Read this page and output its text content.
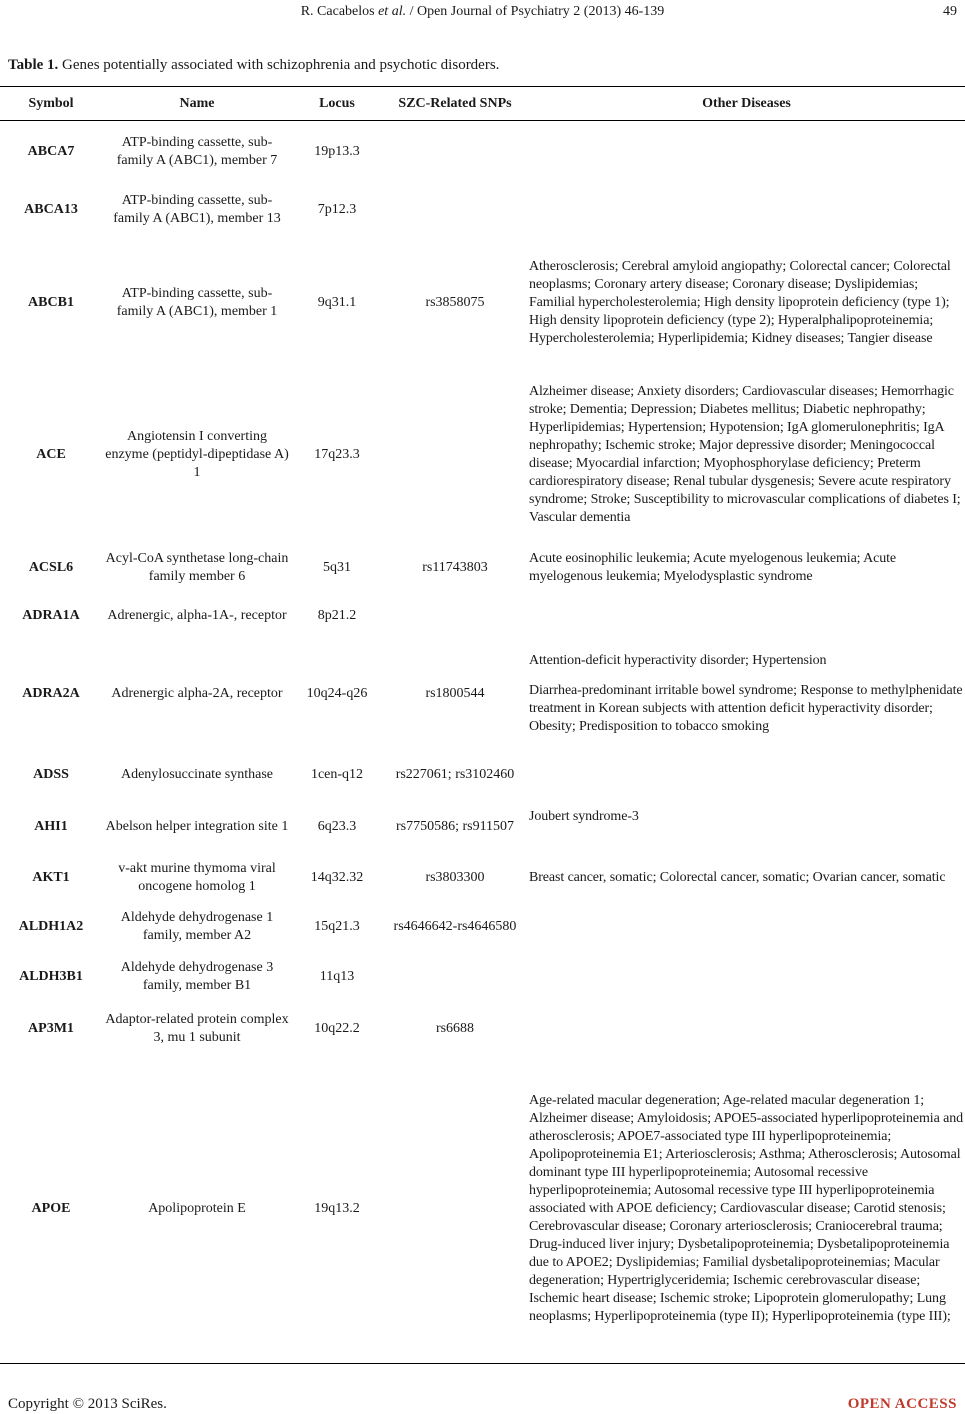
R. Cacabelos et al. / Open Journal of Psychiatry 2 (2013) 46-139	49
Table 1. Genes potentially associated with schizophrenia and psychotic disorders.
Symbol	Name	Locus	SZC-Related SNPs	Other Diseases
ABCA7	ATP-binding cassette, sub-family A (ABC1), member 7	19p13.3		
ABCA13	ATP-binding cassette, sub-family A (ABC1), member 13	7p12.3		
ABCB1	ATP-binding cassette, sub-family A (ABC1), member 1	9q31.1	rs3858075	Atherosclerosis; Cerebral amyloid angiopathy; Colorectal cancer; Colorectal neoplasms; Coronary artery disease; Coronary disease; Dyslipidemias; Familial hypercholesterolemia; High density lipoprotein deficiency (type 1); High density lipoprotein deficiency (type 2); Hyperalphalipoproteinemia; Hypercholesterolemia; Hyperlipidemia; Kidney diseases; Tangier disease
ACE	Angiotensin I converting enzyme (peptidyl-dipeptidase A) 1	17q23.3		Alzheimer disease; Anxiety disorders; Cardiovascular diseases; Hemorrhagic stroke; Dementia; Depression; Diabetes mellitus; Diabetic nephropathy; Hyperlipidemias; Hypertension; Hypotension; IgA glomerulonephritis; IgA nephropathy; Ischemic stroke; Major depressive disorder; Meningococcal disease; Myocardial infarction; Myophosphorylase deficiency; Preterm cardiorespiratory disease; Renal tubular dysgenesis; Severe acute respiratory syndrome; Stroke; Susceptibility to microvascular complications of diabetes I; Vascular dementia
ACSL6	Acyl-CoA synthetase long-chain family member 6	5q31	rs11743803	Acute eosinophilic leukemia; Acute myelogenous leukemia; Acute myelogenous leukemia; Myelodysplastic syndrome
ADRA1A	Adrenergic, alpha-1A-, receptor	8p21.2		
ADRA2A	Adrenergic alpha-2A, receptor	10q24-q26	rs1800544	Attention-deficit hyperactivity disorder; Hypertension
Diarrhea-predominant irritable bowel syndrome; Response to methylphenidate treatment in Korean subjects with attention deficit hyperactivity disorder; Obesity; Predisposition to tobacco smoking

ADSS	Adenylosuccinate synthase	1cen-q12	rs227061; rs3102460	
AHI1	Abelson helper integration site 1	6q23.3	rs7750586; rs911507	Joubert syndrome-3
AKT1	v-akt murine thymoma viral oncogene homolog 1	14q32.32	rs3803300	Breast cancer, somatic; Colorectal cancer, somatic; Ovarian cancer, somatic
ALDH1A2	Aldehyde dehydrogenase 1 family, member A2	15q21.3	rs4646642-rs4646580	
ALDH3B1	Aldehyde dehydrogenase 3 family, member B1	11q13		
AP3M1	Adaptor-related protein complex 3, mu 1 subunit	10q22.2	rs6688	
APOE	Apolipoprotein E	19q13.2		Age-related macular degeneration; Age-related macular degeneration 1; Alzheimer disease; Amyloidosis; APOE5-associated hyperlipoproteinemia and atherosclerosis; APOE7-associated type III hyperlipoproteinemia; Apolipoproteinemia E1; Arteriosclerosis; Asthma; Atherosclerosis; Autosomal dominant type III hyperlipoproteinemia; Autosomal recessive hyperlipoproteinemia; Autosomal recessive type III hyperlipoproteinemia associated with APOE deficiency; Cardiovascular disease; Carotid stenosis; Cerebrovascular disease; Coronary arteriosclerosis; Craniocerebral trauma; Drug-induced liver injury; Dysbetalipoproteinemia; Dysbetalipoproteinemia due to APOE2; Dyslipidemias; Familial dysbetalipoproteinemias; Macular degeneration; Hypertriglyceridemia; Ischemic cerebrovascular disease; Ischemic heart disease; Ischemic stroke; Lipoprotein glomerulopathy; Lung neoplasms; Hyperlipoproteinemia (type II); Hyperlipoproteinemia (type III);
Copyright © 2013 SciRes.	OPEN ACCESS
